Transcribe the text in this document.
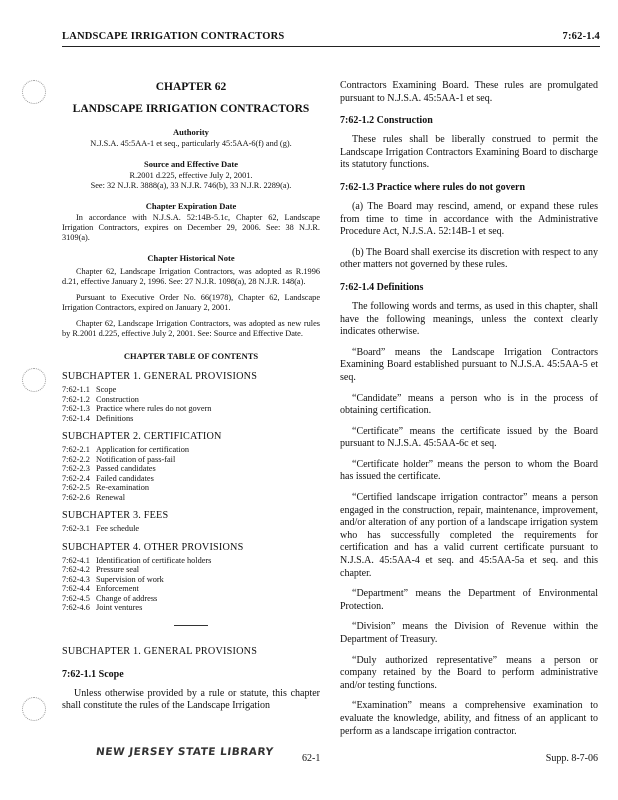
LANDSCAPE IRRIGATION CONTRACTORS	7:62-1.4
CHAPTER 62
LANDSCAPE IRRIGATION CONTRACTORS
Authority
N.J.S.A. 45:5AA-1 et seq., particularly 45:5AA-6(f) and (g).
Source and Effective Date
R.2001 d.225, effective July 2, 2001.
See: 32 N.J.R. 3888(a), 33 N.J.R. 746(b), 33 N.J.R. 2289(a).
Chapter Expiration Date

In accordance with N.J.S.A. 52:14B-5.1c, Chapter 62, Landscape Irrigation Contractors, expires on December 29, 2006. See: 38 N.J.R. 3109(a).

Chapter Historical Note

Chapter 62, Landscape Irrigation Contractors, was adopted as R.1996 d.21, effective January 2, 1996. See: 27 N.J.R. 1098(a), 28 N.J.R. 148(a).

Pursuant to Executive Order No. 66(1978), Chapter 62, Landscape Irrigation Contractors, expired on January 2, 2001.

Chapter 62, Landscape Irrigation Contractors, was adopted as new rules by R.2001 d.225, effective July 2, 2001. See: Source and Effective Date.

CHAPTER TABLE OF CONTENTS
SUBCHAPTER 1. GENERAL PROVISIONS
7:62-1.1 Scope
7:62-1.2 Construction
7:62-1.3 Practice where rules do not govern
7:62-1.4 Definitions
SUBCHAPTER 2. CERTIFICATION
7:62-2.1 Application for certification
7:62-2.2 Notification of pass-fail
7:62-2.3 Passed candidates
7:62-2.4 Failed candidates
7:62-2.5 Re-examination
7:62-2.6 Renewal
SUBCHAPTER 3. FEES
7:62-3.1 Fee schedule
SUBCHAPTER 4. OTHER PROVISIONS
7:62-4.1 Identification of certificate holders
7:62-4.2 Pressure seal
7:62-4.3 Supervision of work
7:62-4.4 Enforcement
7:62-4.5 Change of address
7:62-4.6 Joint ventures
SUBCHAPTER 1. GENERAL PROVISIONS
7:62-1.1 Scope

Unless otherwise provided by a rule or statute, this chapter shall constitute the rules of the Landscape Irrigation

Contractors Examining Board. These rules are promulgated pursuant to N.J.S.A. 45:5AA-1 et seq.

7:62-1.2 Construction

These rules shall be liberally construed to permit the Landscape Irrigation Contractors Examining Board to discharge its statutory functions.

7:62-1.3 Practice where rules do not govern

(a) The Board may rescind, amend, or expand these rules from time to time in accordance with the Administrative Procedure Act, N.J.S.A. 52:14B-1 et seq.

(b) The Board shall exercise its discretion with respect to any other matters not governed by these rules.

7:62-1.4 Definitions

The following words and terms, as used in this chapter, shall have the following meanings, unless the context clearly indicates otherwise.

“Board” means the Landscape Irrigation Contractors Examining Board established pursuant to N.J.S.A. 45:5AA-5 et seq.

“Candidate” means a person who is in the process of obtaining certification.

“Certificate” means the certificate issued by the Board pursuant to N.J.S.A. 45:5AA-6c et seq.

“Certificate holder” means the person to whom the Board has issued the certificate.

“Certified landscape irrigation contractor” means a person engaged in the construction, repair, maintenance, improvement, and/or alteration of any portion of a landscape irrigation system who has successfully completed the requirements for certification and has a valid current certificate pursuant to N.J.S.A. 45:5AA-4 et seq. and 45:5AA-5a et seq. and this chapter.

“Department” means the Department of Environmental Protection.

“Division” means the Division of Revenue within the Department of Treasury.

“Duly authorized representative” means a person or company retained by the Board to perform administrative and/or testing functions.

“Examination” means a comprehensive examination to evaluate the knowledge, ability, and fitness of an applicant to perform as a landscape irrigation contractor.

NEW JERSEY STATE LIBRARY
62-1	Supp. 8-7-06
